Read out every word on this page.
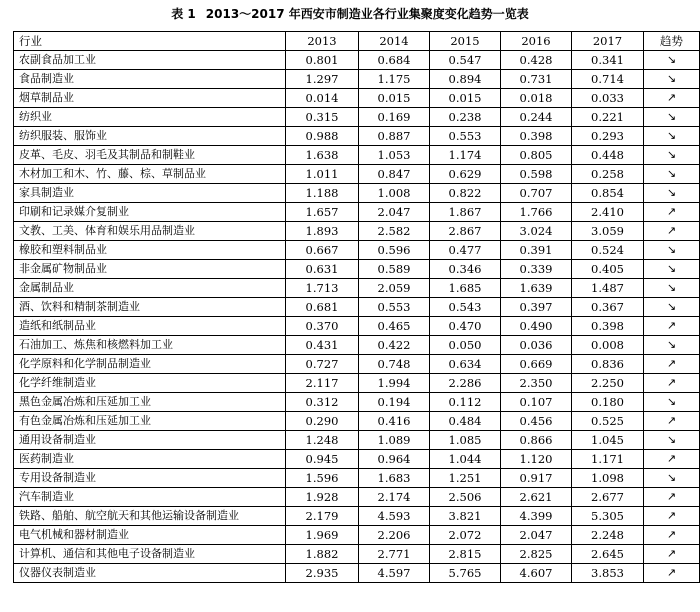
表 1 2013～2017 年西安市制造业各行业集聚度变化趋势一览表
行业	2013	2014	2015	2016	2017	趋势
农副食品加工业	0.801	0.684	0.547	0.428	0.341	↘
食品制造业	1.297	1.175	0.894	0.731	0.714	↘
烟草制品业	0.014	0.015	0.015	0.018	0.033	↗
纺织业	0.315	0.169	0.238	0.244	0.221	↘
纺织服装、服饰业	0.988	0.887	0.553	0.398	0.293	↘
皮革、毛皮、羽毛及其制品和制鞋业	1.638	1.053	1.174	0.805	0.448	↘
木材加工和木、竹、藤、棕、草制品业	1.011	0.847	0.629	0.598	0.258	↘
家具制造业	1.188	1.008	0.822	0.707	0.854	↘
印刷和记录媒介复制业	1.657	2.047	1.867	1.766	2.410	↗
文教、工美、体育和娱乐用品制造业	1.893	2.582	2.867	3.024	3.059	↗
橡胶和塑料制品业	0.667	0.596	0.477	0.391	0.524	↘
非金属矿物制品业	0.631	0.589	0.346	0.339	0.405	↘
金属制品业	1.713	2.059	1.685	1.639	1.487	↘
酒、饮料和精制茶制造业	0.681	0.553	0.543	0.397	0.367	↘
造纸和纸制品业	0.370	0.465	0.470	0.490	0.398	↗
石油加工、炼焦和核燃料加工业	0.431	0.422	0.050	0.036	0.008	↘
化学原料和化学制品制造业	0.727	0.748	0.634	0.669	0.836	↗
化学纤维制造业	2.117	1.994	2.286	2.350	2.250	↗
黑色金属冶炼和压延加工业	0.312	0.194	0.112	0.107	0.180	↘
有色金属冶炼和压延加工业	0.290	0.416	0.484	0.456	0.525	↗
通用设备制造业	1.248	1.089	1.085	0.866	1.045	↘
医药制造业	0.945	0.964	1.044	1.120	1.171	↗
专用设备制造业	1.596	1.683	1.251	0.917	1.098	↘
汽车制造业	1.928	2.174	2.506	2.621	2.677	↗
铁路、船舶、航空航天和其他运输设备制造业	2.179	4.593	3.821	4.399	5.305	↗
电气机械和器材制造业	1.969	2.206	2.072	2.047	2.248	↗
计算机、通信和其他电子设备制造业	1.882	2.771	2.815	2.825	2.645	↗
仪器仪表制造业	2.935	4.597	5.765	4.607	3.853	↗
